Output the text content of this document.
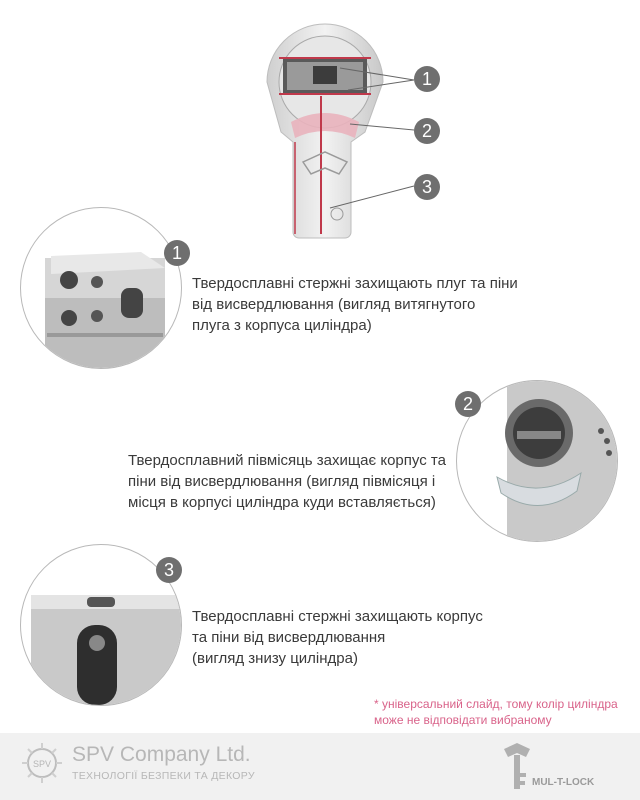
1
2
3
1
Твердосплавні стержні захищають плуг та піни
від висвердлювання (вигляд витягнутого
плуга з корпуса циліндра)
2
Твердосплавний півмісяць захищає корпус та
піни від висвердлювання (вигляд півмісяця і
місця в корпусі циліндра куди вставляється)
3
Твердосплавні стержні захищають корпус
та піни від висвердлювання
(вигляд знизу циліндра)
* універсальний слайд, тому колір циліндра
може не відповідати вибраному
SPV SPV Company Ltd.
ТЕХНОЛОГІЇ БЕЗПЕКИ ТА ДЕКОРУ
MUL-T-LOCK
